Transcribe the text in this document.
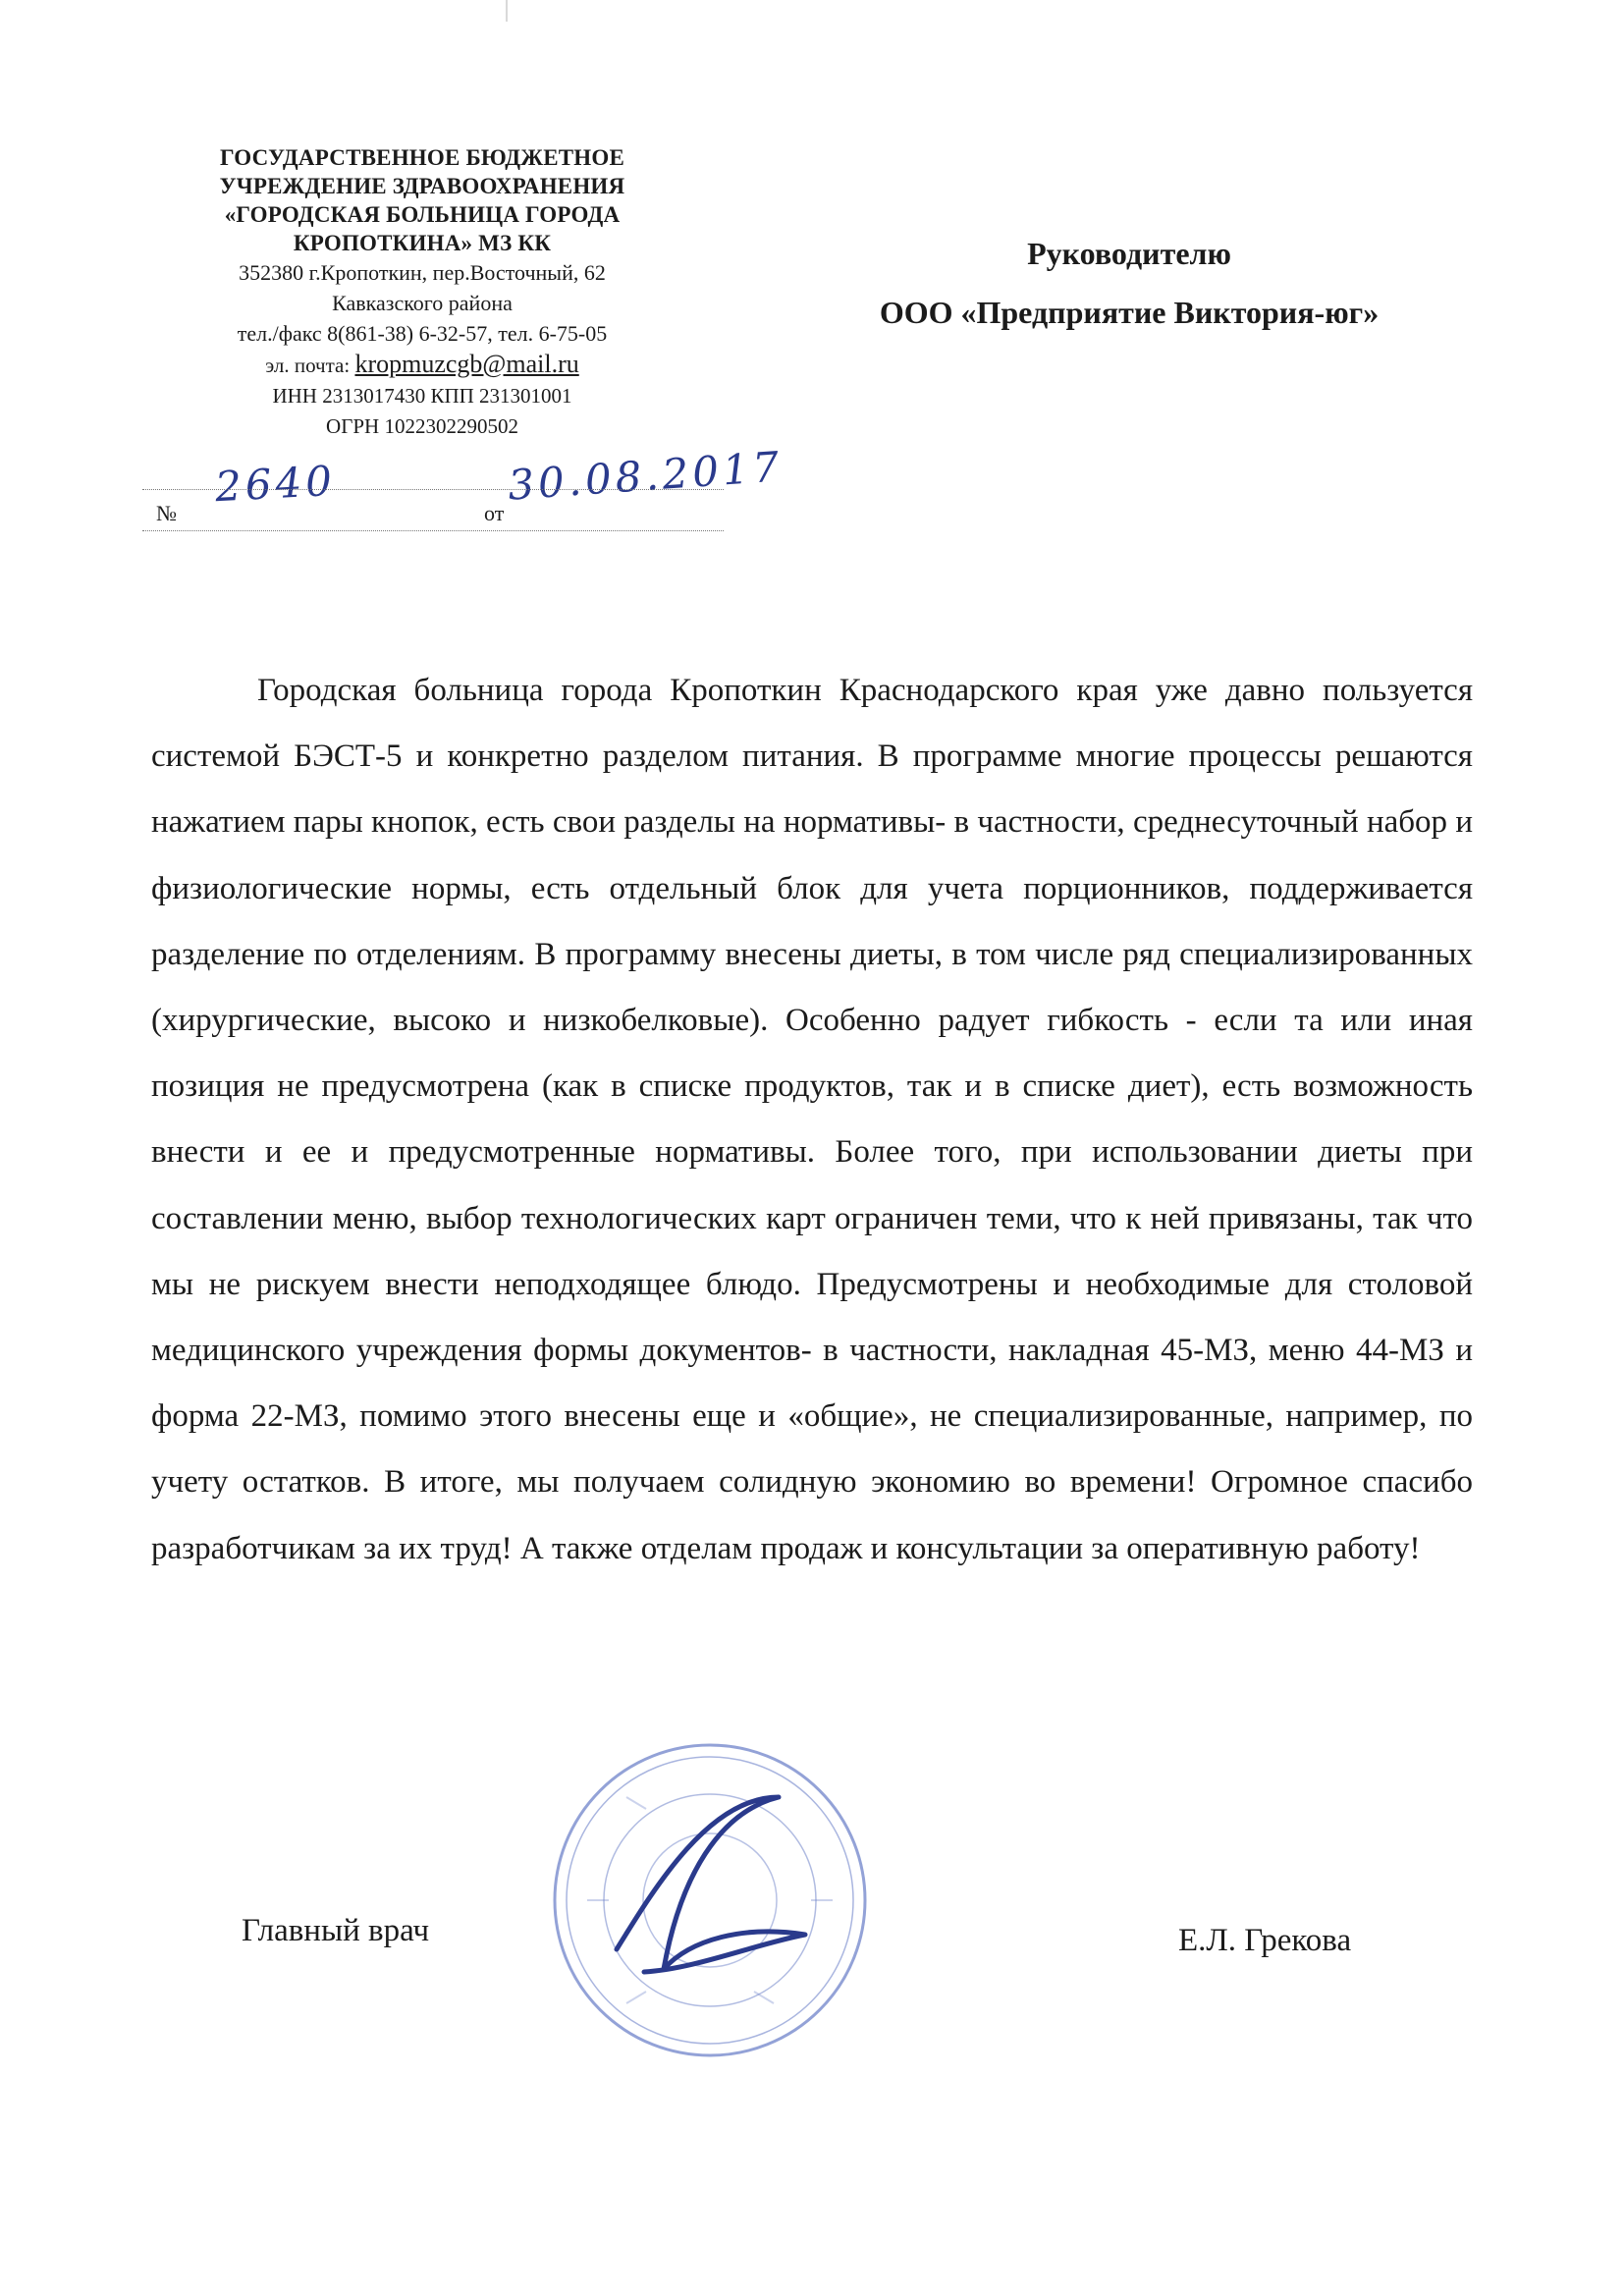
ГОСУДАРСТВЕННОЕ БЮДЖЕТНОЕ
УЧРЕЖДЕНИЕ ЗДРАВООХРАНЕНИЯ
«ГОРОДСКАЯ БОЛЬНИЦА ГОРОДА
КРОПОТКИНА» МЗ КК
352380 г.Кропоткин, пер.Восточный, 62
Кавказского района
тел./факс 8(861-38) 6-32-57, тел. 6-75-05
эл. почта: kropmuzcgb@mail.ru
ИНН 2313017430 КПП 231301001
ОГРН 1022302290502
2640	30.08.2017
№	от
Руководителю
ООО «Предприятие Виктория-юг»

Городская больница города Кропоткин Краснодарского края уже давно пользуется системой БЭСТ-5 и конкретно разделом питания. В программе многие процессы решаются нажатием пары кнопок, есть свои разделы на нормативы- в частности, среднесуточный набор и физиологические нормы, есть отдельный блок для учета порционников, поддерживается разделение по отделениям. В программу внесены диеты, в том числе ряд специализированных (хирургические, высоко и низкобелковые). Особенно радует гибкость - если та или иная позиция не предусмотрена (как в списке продуктов, так и в списке диет), есть возможность внести и ее и предусмотренные нормативы. Более того, при использовании диеты при составлении меню, выбор технологических карт ограничен теми, что к ней привязаны, так что мы не рискуем внести неподходящее блюдо. Предусмотрены и необходимые для столовой медицинского учреждения формы документов- в частности, накладная 45-МЗ, меню 44-МЗ и форма 22-МЗ, помимо этого внесены еще и «общие», не специализированные, например, по учету остатков. В итоге, мы получаем солидную экономию во времени! Огромное спасибо разработчикам за их труд! А также отделам продаж и консультации за оперативную работу!

Главный врач	Е.Л. Грекова
